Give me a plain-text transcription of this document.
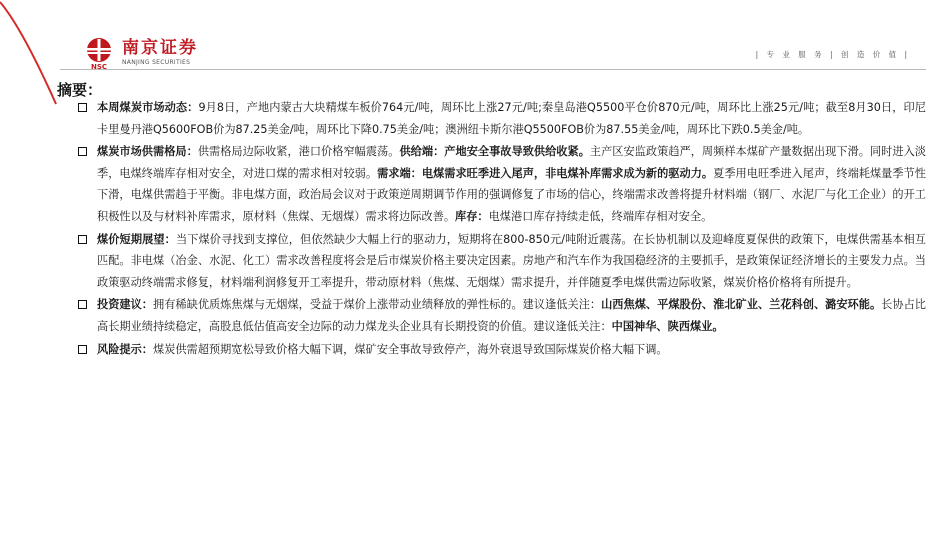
NSC
南京证券
NANJING SECURITIES
| 专 业 服 务 | 创 造 价 值 |
摘要：

本周煤炭市场动态：9月8日，产地内蒙古大块精煤车板价764元/吨，周环比上涨27元/吨;秦皇岛港Q5500平仓价870元/吨，周环比上涨25元/吨；截至8月30日，印尼卡里曼丹港Q5600FOB价为87.25美金/吨，周环比下降0.75美金/吨；澳洲纽卡斯尔港Q5500FOB价为87.55美金/吨，周环比下跌0.5美金/吨。

煤炭市场供需格局：供需格局边际收紧，港口价格窄幅震荡。供给端：产地安全事故导致供给收紧。主产区安监政策趋严，周频样本煤矿产量数据出现下滑。同时进入淡季，电煤终端库存相对安全，对进口煤的需求相对较弱。需求端：电煤需求旺季进入尾声，非电煤补库需求成为新的驱动力。夏季用电旺季进入尾声，终端耗煤量季节性下滑，电煤供需趋于平衡。非电煤方面，政治局会议对于政策逆周期调节作用的强调修复了市场的信心，终端需求改善将提升材料端（钢厂、水泥厂与化工企业）的开工积极性以及与材料补库需求，原材料（焦煤、无烟煤）需求将边际改善。库存：电煤港口库存持续走低，终端库存相对安全。

煤价短期展望：当下煤价寻找到支撑位，但依然缺少大幅上行的驱动力，短期将在800-850元/吨附近震荡。在长协机制以及迎峰度夏保供的政策下，电煤供需基本相互匹配。非电煤（冶金、水泥、化工）需求改善程度将会是后市煤炭价格主要决定因素。房地产和汽车作为我国稳经济的主要抓手，是政策保证经济增长的主要发力点。当政策驱动终端需求修复，材料端利润修复开工率提升，带动原材料（焦煤、无烟煤）需求提升，并伴随夏季电煤供需边际收紧，煤炭价格价格将有所提升。

投资建议：拥有稀缺优质炼焦煤与无烟煤，受益于煤价上涨带动业绩释放的弹性标的。建议逢低关注：山西焦煤、平煤股份、淮北矿业、兰花科创、潞安环能。长协占比高长期业绩持续稳定，高股息低估值高安全边际的动力煤龙头企业具有长期投资的价值。建议逢低关注：中国神华、陕西煤业。

风险提示：煤炭供需超预期宽松导致价格大幅下调，煤矿安全事故导致停产，海外衰退导致国际煤炭价格大幅下调。
